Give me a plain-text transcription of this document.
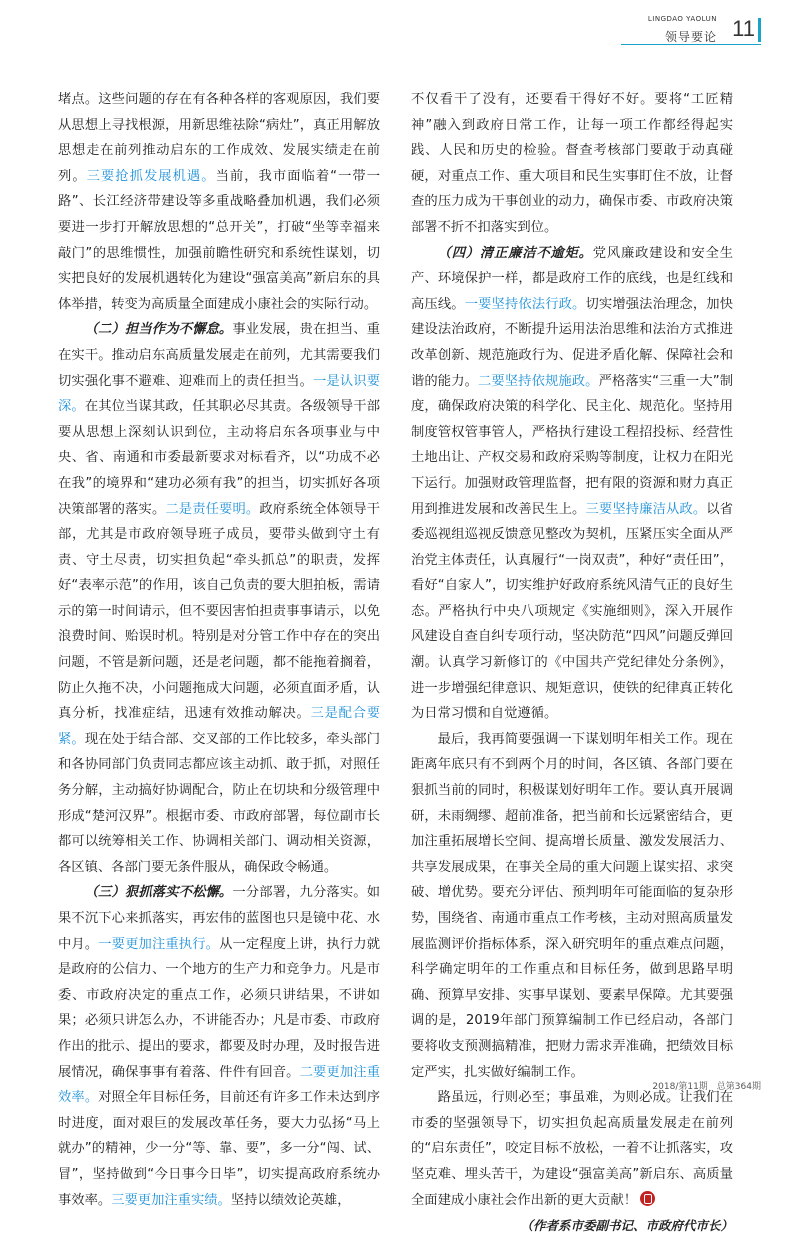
LINGDAO YAOLUN
领导要论 11

堵点。这些问题的存在有各种各样的客观原因，我们要从思想上寻找根源，用新思维祛除“病灶”，真正用解放思想走在前列推动启东的工作成效、发展实绩走在前列。三要抢抓发展机遇。当前，我市面临着“一带一路”、长江经济带建设等多重战略叠加机遇，我们必须要进一步打开解放思想的“总开关”，打破“坐等幸福来敲门”的思维惯性，加强前瞻性研究和系统性谋划，切实把良好的发展机遇转化为建设“强富美高”新启东的具体举措，转变为高质量全面建成小康社会的实际行动。

（二）担当作为不懈怠。事业发展，贵在担当、重在实干。推动启东高质量发展走在前列，尤其需要我们切实强化事不避难、迎难而上的责任担当。一是认识要深。在其位当谋其政，任其职必尽其责。各级领导干部要从思想上深刻认识到位，主动将启东各项事业与中央、省、南通和市委最新要求对标看齐，以“功成不必在我”的境界和“建功必须有我”的担当，切实抓好各项决策部署的落实。二是责任要明。政府系统全体领导干部，尤其是市政府领导班子成员，要带头做到守土有责、守土尽责，切实担负起“牵头抓总”的职责，发挥好“表率示范”的作用，该自己负责的要大胆拍板，需请示的第一时间请示，但不要因害怕担责事事请示，以免浪费时间、贻误时机。特别是对分管工作中存在的突出问题，不管是新问题，还是老问题，都不能拖着搁着，防止久拖不决，小问题拖成大问题，必须直面矛盾，认真分析，找准症结，迅速有效推动解决。三是配合要紧。现在处于结合部、交叉部的工作比较多，牵头部门和各协同部门负责同志都应该主动抓、敢于抓，对照任务分解，主动搞好协调配合，防止在切块和分级管理中形成“楚河汉界”。根据市委、市政府部署，每位副市长都可以统筹相关工作、协调相关部门、调动相关资源，各区镇、各部门要无条件服从，确保政令畅通。

（三）狠抓落实不松懈。一分部署，九分落实。如果不沉下心来抓落实，再宏伟的蓝图也只是镜中花、水中月。一要更加注重执行。从一定程度上讲，执行力就是政府的公信力、一个地方的生产力和竞争力。凡是市委、市政府决定的重点工作，必须只讲结果，不讲如果；必须只讲怎么办，不讲能否办；凡是市委、市政府作出的批示、提出的要求，都要及时办理，及时报告进展情况，确保事事有着落、件件有回音。二要更加注重效率。对照全年目标任务，目前还有许多工作未达到序时进度，面对艰巨的发展改革任务，要大力弘扬“马上就办”的精神，少一分“等、靠、要”，多一分“闯、试、冒”，坚持做到“今日事今日毕”，切实提高政府系统办事效率。三要更加注重实绩。坚持以绩效论英雄，

不仅看干了没有，还要看干得好不好。要将“工匠精神”融入到政府日常工作，让每一项工作都经得起实践、人民和历史的检验。督查考核部门要敢于动真碰硬，对重点工作、重大项目和民生实事盯住不放，让督查的压力成为干事创业的动力，确保市委、市政府决策部署不折不扣落实到位。

（四）清正廉洁不逾矩。党风廉政建设和安全生产、环境保护一样，都是政府工作的底线，也是红线和高压线。一要坚持依法行政。切实增强法治理念，加快建设法治政府，不断提升运用法治思维和法治方式推进改革创新、规范施政行为、促进矛盾化解、保障社会和谐的能力。二要坚持依规施政。严格落实“三重一大”制度，确保政府决策的科学化、民主化、规范化。坚持用制度管权管事管人，严格执行建设工程招投标、经营性土地出让、产权交易和政府采购等制度，让权力在阳光下运行。加强财政管理监督，把有限的资源和财力真正用到推进发展和改善民生上。三要坚持廉洁从政。以省委巡视组巡视反馈意见整改为契机，压紧压实全面从严治党主体责任，认真履行“一岗双责”，种好“责任田”，看好“自家人”，切实维护好政府系统风清气正的良好生态。严格执行中央八项规定《实施细则》，深入开展作风建设自查自纠专项行动，坚决防范“四风”问题反弹回潮。认真学习新修订的《中国共产党纪律处分条例》，进一步增强纪律意识、规矩意识，使铁的纪律真正转化为日常习惯和自觉遵循。

最后，我再简要强调一下谋划明年相关工作。现在距离年底只有不到两个月的时间，各区镇、各部门要在狠抓当前的同时，积极谋划好明年工作。要认真开展调研，未雨绸缪、超前准备，把当前和长远紧密结合，更加注重拓展增长空间、提高增长质量、激发发展活力、共享发展成果，在事关全局的重大问题上谋实招、求突破、增优势。要充分评估、预判明年可能面临的复杂形势，围绕省、南通市重点工作考核，主动对照高质量发展监测评价指标体系，深入研究明年的重点难点问题，科学确定明年的工作重点和目标任务，做到思路早明确、预算早安排、实事早谋划、要素早保障。尤其要强调的是，2019年部门预算编制工作已经启动，各部门要将收支预测搞精准，把财力需求弄准确，把绩效目标定严实，扎实做好编制工作。

路虽远，行则必至；事虽难，为则必成。让我们在市委的坚强领导下，切实担负起高质量发展走在前列的“启东责任”，咬定目标不放松，一着不让抓落实，攻坚克难、埋头苦干，为建设“强富美高”新启东、高质量全面建成小康社会作出新的更大贡献！

（作者系市委副书记、市政府代市长）

2018/第11期　总第364期
